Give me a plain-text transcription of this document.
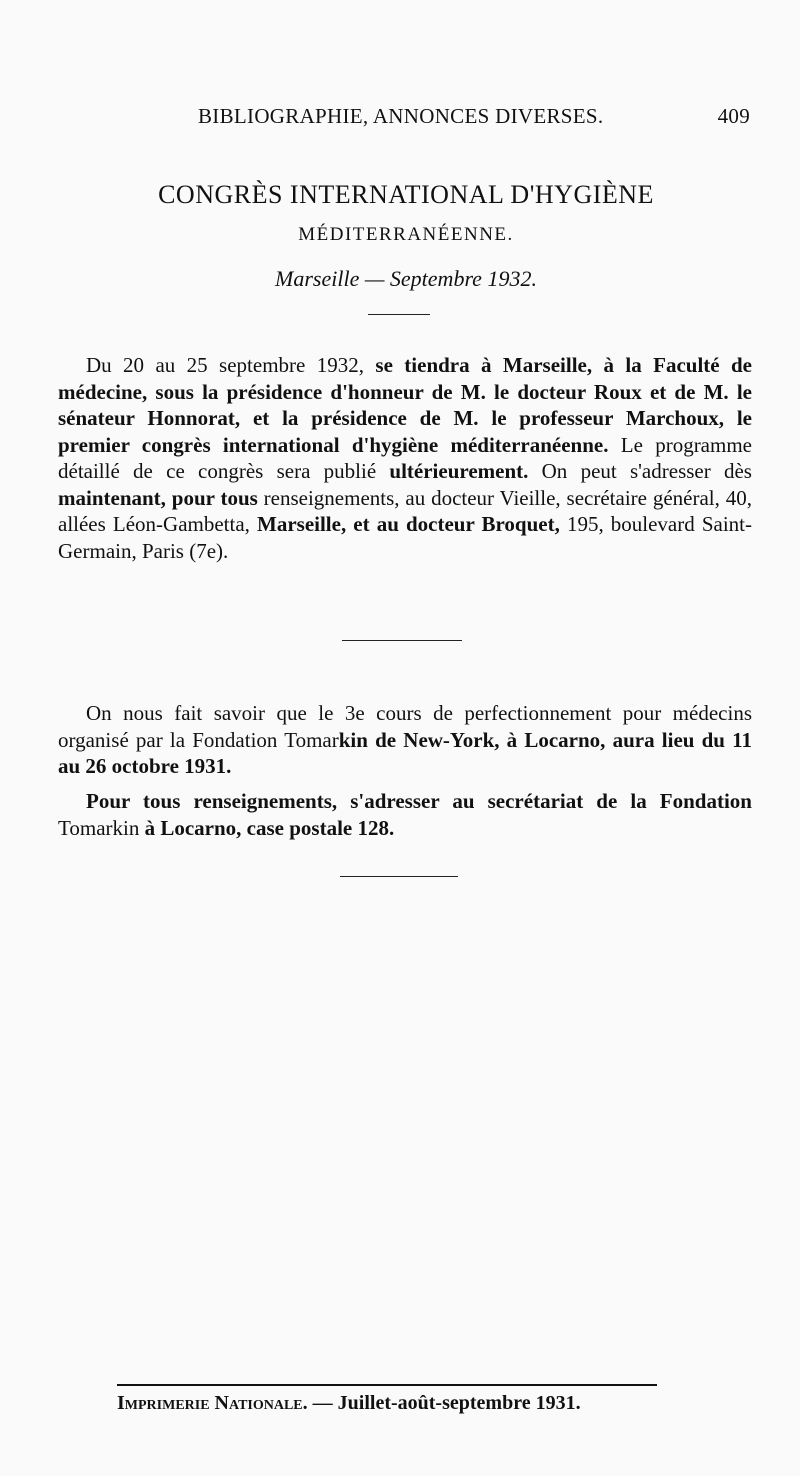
BIBLIOGRAPHIE, ANNONCES DIVERSES.	409
CONGRÈS INTERNATIONAL D'HYGIÈNE
MÉDITERRANÉENNE.
Marseille — Septembre 1932.
Du 20 au 25 septembre 1932, se tiendra à Marseille, à la Faculté de médecine, sous la présidence d'honneur de M. le docteur Roux et de M. le sénateur Honnorat, et la présidence de M. le professeur Marchoux, le premier congrès international d'hygiène méditerranéenne. Le programme détaillé de ce congrès sera publié ultérieurement. On peut s'adresser dès maintenant, pour tous renseignements, au docteur Vieille, secrétaire général, 40, allées Léon-Gambetta, Marseille, et au docteur Broquet, 195, boulevard Saint-Germain, Paris (7e).
On nous fait savoir que le 3e cours de perfectionnement pour médecins organisé par la Fondation Tomarkin de New-York, à Locarno, aura lieu du 11 au 26 octobre 1931.
Pour tous renseignements, s'adresser au secrétariat de la Fondation Tomarkin à Locarno, case postale 128.
Imprimerie Nationale. — Juillet-août-septembre 1931.
